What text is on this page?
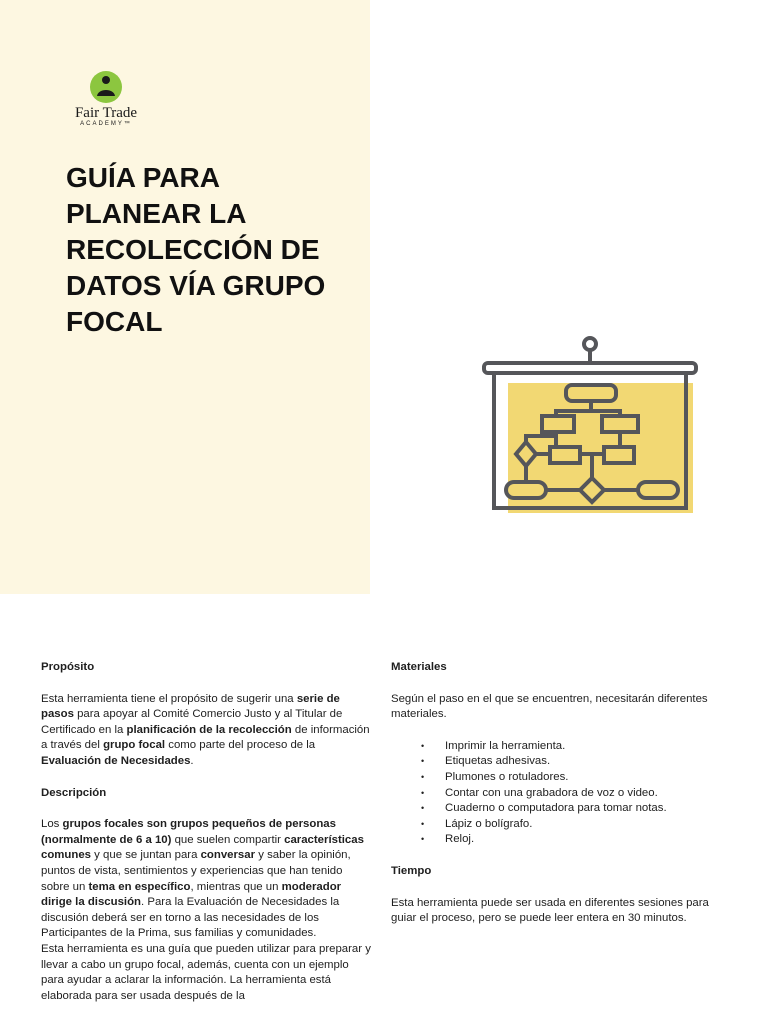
Fair Trade
ACADEMY™
GUÍA PARA PLANEAR LA RECOLECCIÓN DE DATOS VÍA GRUPO FOCAL

Propósito

Esta herramienta tiene el propósito de sugerir una serie de pasos para apoyar al Comité Comercio Justo y al Titular de Certificado en la planificación de la recolección de información a través del grupo focal como parte del proceso de la Evaluación de Necesidades.

Descripción

Los grupos focales son grupos pequeños de personas (normalmente de 6 a 10) que suelen compartir características comunes y que se juntan para conversar y saber la opinión, puntos de vista, sentimientos y experiencias que han tenido sobre un tema en específico, mientras que un moderador dirige la discusión. Para la Evaluación de Necesidades la discusión deberá ser en torno a las necesidades de los Participantes de la Prima, sus familias y comunidades.

Esta herramienta es una guía que pueden utilizar para preparar y llevar a cabo un grupo focal, además, cuenta con un ejemplo para ayudar a aclarar la información. La herramienta está elaborada para ser usada después de la

Materiales

Según el paso en el que se encuentren, necesitarán diferentes materiales.

• Imprimir la herramienta.
• Etiquetas adhesivas.
• Plumones o rotuladores.
• Contar con una grabadora de voz o video.
• Cuaderno o computadora para tomar notas.
• Lápiz o bolígrafo.
• Reloj.

Tiempo

Esta herramienta puede ser usada en diferentes sesiones para guiar el proceso, pero se puede leer entera en 30 minutos.
